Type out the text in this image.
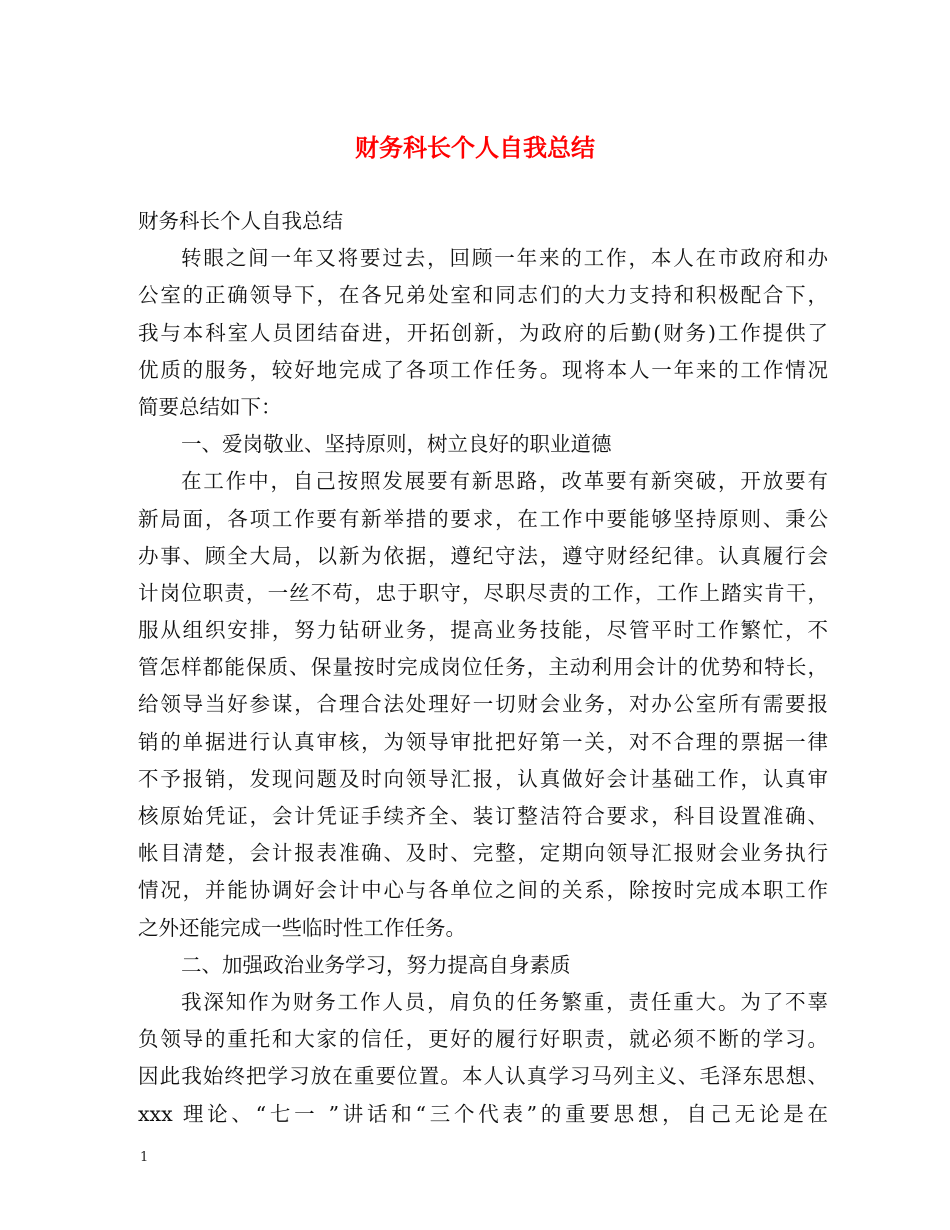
财务科长个人自我总结
财务科长个人自我总结
转眼之间一年又将要过去，回顾一年来的工作，本人在市政府和办
公室的正确领导下，在各兄弟处室和同志们的大力支持和积极配合下，
我与本科室人员团结奋进，开拓创新，为政府的后勤(财务)工作提供了
优质的服务，较好地完成了各项工作任务。现将本人一年来的工作情况
简要总结如下：
一、爱岗敬业、坚持原则，树立良好的职业道德
在工作中，自己按照发展要有新思路，改革要有新突破，开放要有
新局面，各项工作要有新举措的要求，在工作中要能够坚持原则、秉公
办事、顾全大局，以新为依据，遵纪守法，遵守财经纪律。认真履行会
计岗位职责，一丝不苟，忠于职守，尽职尽责的工作，工作上踏实肯干，
服从组织安排，努力钻研业务，提高业务技能，尽管平时工作繁忙，不
管怎样都能保质、保量按时完成岗位任务，主动利用会计的优势和特长，
给领导当好参谋，合理合法处理好一切财会业务，对办公室所有需要报
销的单据进行认真审核，为领导审批把好第一关，对不合理的票据一律
不予报销，发现问题及时向领导汇报，认真做好会计基础工作，认真审
核原始凭证，会计凭证手续齐全、装订整洁符合要求，科目设置准确、
帐目清楚，会计报表准确、及时、完整，定期向领导汇报财会业务执行
情况，并能协调好会计中心与各单位之间的关系，除按时完成本职工作
之外还能完成一些临时性工作任务。
二、加强政治业务学习，努力提高自身素质
我深知作为财务工作人员，肩负的任务繁重，责任重大。为了不辜
负领导的重托和大家的信任，更好的履行好职责，就必须不断的学习。
因此我始终把学习放在重要位置。本人认真学习马列主义、毛泽东思想、
xxx 理论、“七一 ”讲话和“三个代表”的重要思想，自己无论是在
1
